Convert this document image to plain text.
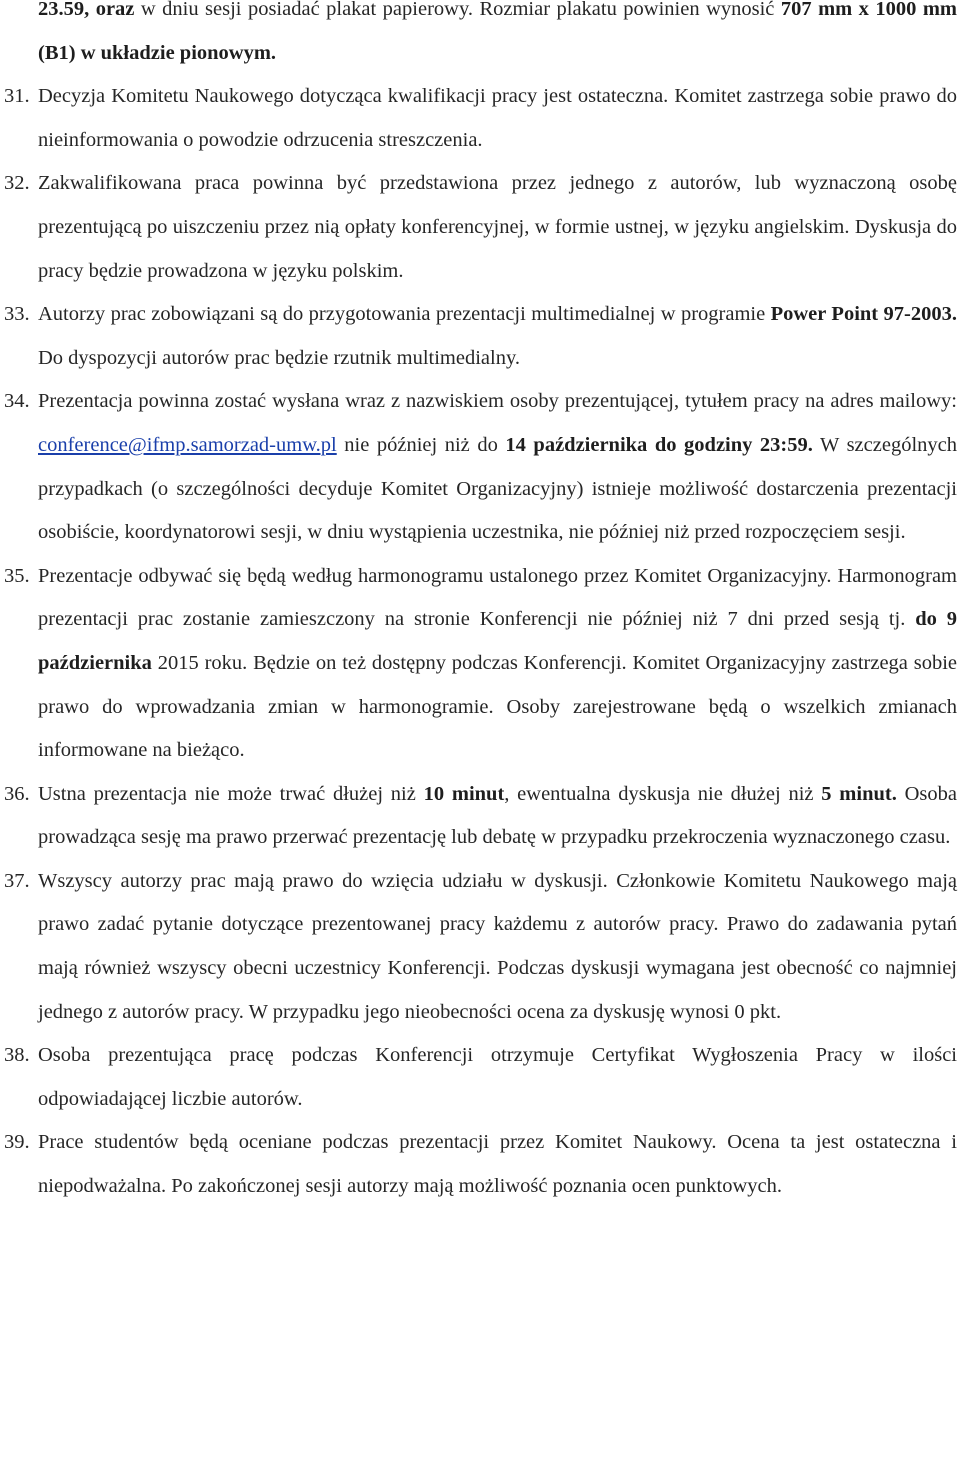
23.59, oraz w dniu sesji posiadać plakat papierowy. Rozmiar plakatu powinien wynosić 707 mm x 1000 mm (B1) w układzie pionowym.
31. Decyzja Komitetu Naukowego dotycząca kwalifikacji pracy jest ostateczna. Komitet zastrzega sobie prawo do nieinformowania o powodzie odrzucenia streszczenia.
32. Zakwalifikowana praca powinna być przedstawiona przez jednego z autorów, lub wyznaczoną osobę prezentującą po uiszczeniu przez nią opłaty konferencyjnej, w formie ustnej, w języku angielskim. Dyskusja do pracy będzie prowadzona w języku polskim.
33. Autorzy prac zobowiązani są do przygotowania prezentacji multimedialnej w programie Power Point 97-2003. Do dyspozycji autorów prac będzie rzutnik multimedialny.
34. Prezentacja powinna zostać wysłana wraz z nazwiskiem osoby prezentującej, tytułem pracy na adres mailowy: conference@ifmp.samorzad-umw.pl nie później niż do 14 października do godziny 23:59. W szczególnych przypadkach (o szczególności decyduje Komitet Organizacyjny) istnieje możliwość dostarczenia prezentacji osobiście, koordynatorowi sesji, w dniu wystąpienia uczestnika, nie później niż przed rozpoczęciem sesji.
35. Prezentacje odbywać się będą według harmonogramu ustalonego przez Komitet Organizacyjny. Harmonogram prezentacji prac zostanie zamieszczony na stronie Konferencji nie później niż 7 dni przed sesją tj. do 9 października 2015 roku. Będzie on też dostępny podczas Konferencji. Komitet Organizacyjny zastrzega sobie prawo do wprowadzania zmian w harmonogramie. Osoby zarejestrowane będą o wszelkich zmianach informowane na bieżąco.
36. Ustna prezentacja nie może trwać dłużej niż 10 minut, ewentualna dyskusja nie dłużej niż 5 minut. Osoba prowadząca sesję ma prawo przerwać prezentację lub debatę w przypadku przekroczenia wyznaczonego czasu.
37. Wszyscy autorzy prac mają prawo do wzięcia udziału w dyskusji. Członkowie Komitetu Naukowego mają prawo zadać pytanie dotyczące prezentowanej pracy każdemu z autorów pracy. Prawo do zadawania pytań mają również wszyscy obecni uczestnicy Konferencji. Podczas dyskusji wymagana jest obecność co najmniej jednego z autorów pracy. W przypadku jego nieobecności ocena za dyskusję wynosi 0 pkt.
38. Osoba prezentująca pracę podczas Konferencji otrzymuje Certyfikat Wygłoszenia Pracy w ilości odpowiadającej liczbie autorów.
39. Prace studentów będą oceniane podczas prezentacji przez Komitet Naukowy. Ocena ta jest ostateczna i niepodważalna. Po zakończonej sesji autorzy mają możliwość poznania ocen punktowych.
